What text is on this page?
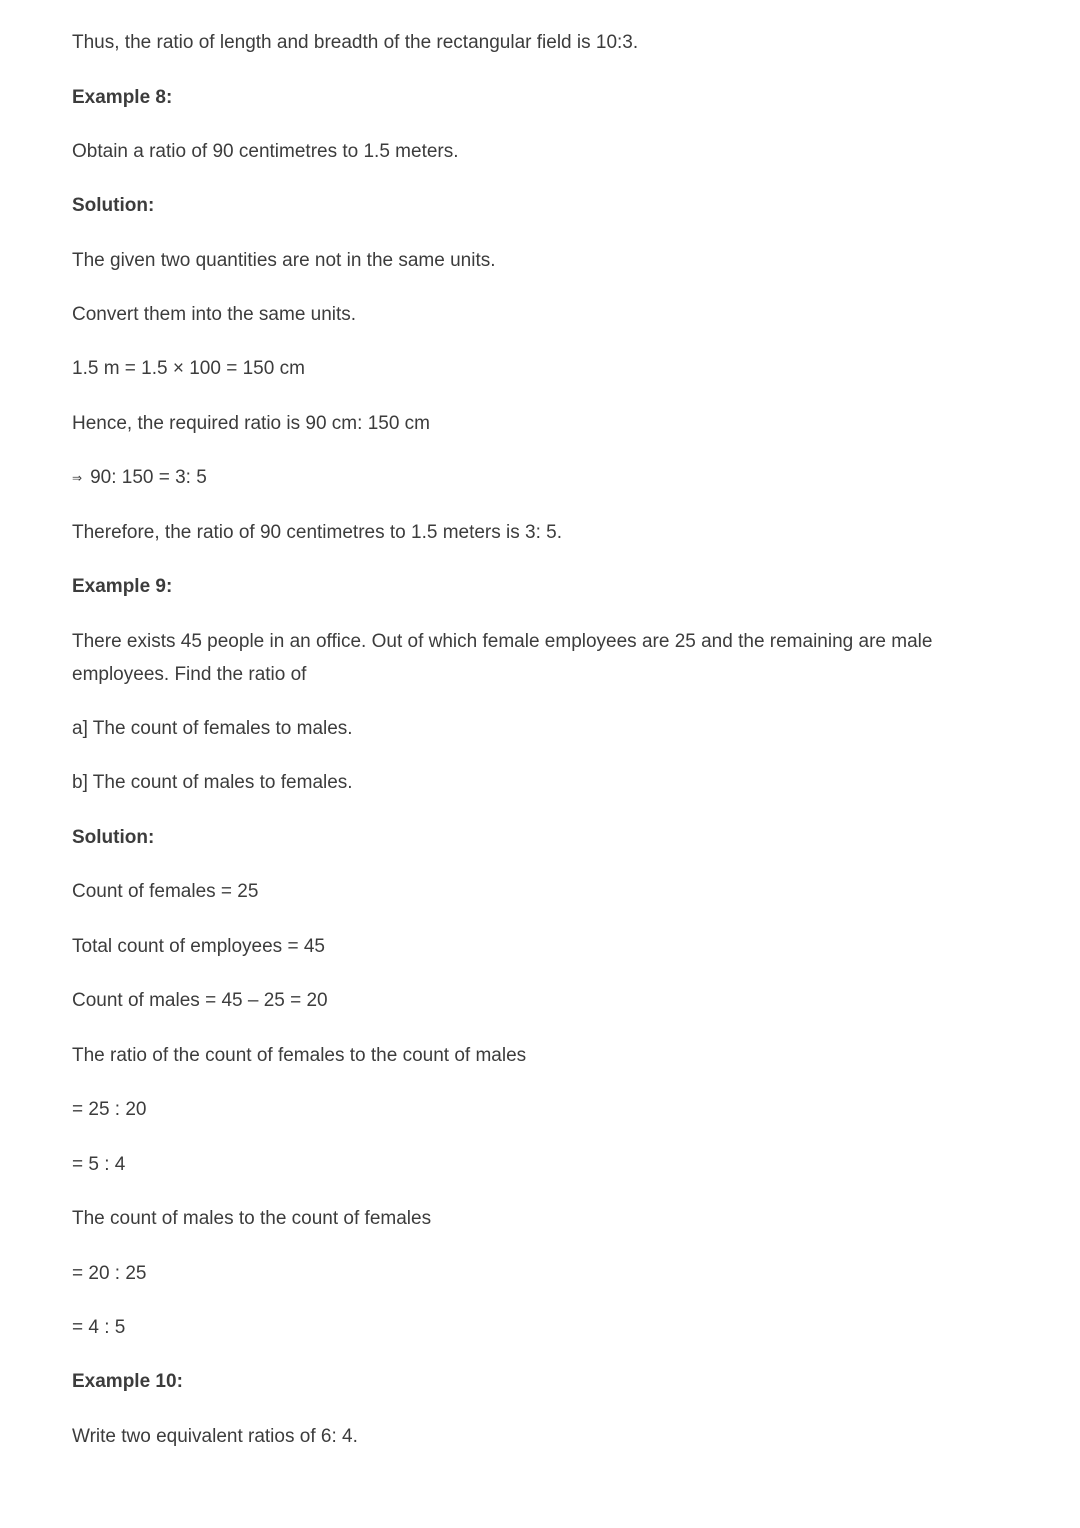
Thus, the ratio of length and breadth of the rectangular field is 10:3.

Example 8:

Obtain a ratio of 90 centimetres to 1.5 meters.

Solution:

The given two quantities are not in the same units.

Convert them into the same units.

1.5 m = 1.5 × 100 = 150 cm

Hence, the required ratio is 90 cm: 150 cm

⇒ 90: 150 = 3: 5

Therefore, the ratio of 90 centimetres to 1.5 meters is 3: 5.

Example 9:

There exists 45 people in an office. Out of which female employees are 25 and the remaining are male employees. Find the ratio of

a] The count of females to males.

b] The count of males to females.

Solution:

Count of females = 25

Total count of employees = 45

Count of males = 45 – 25 = 20

The ratio of the count of females to the count of males

= 25 : 20

= 5 : 4

The count of males to the count of females

= 20 : 25

= 4 : 5

Example 10:

Write two equivalent ratios of 6: 4.
